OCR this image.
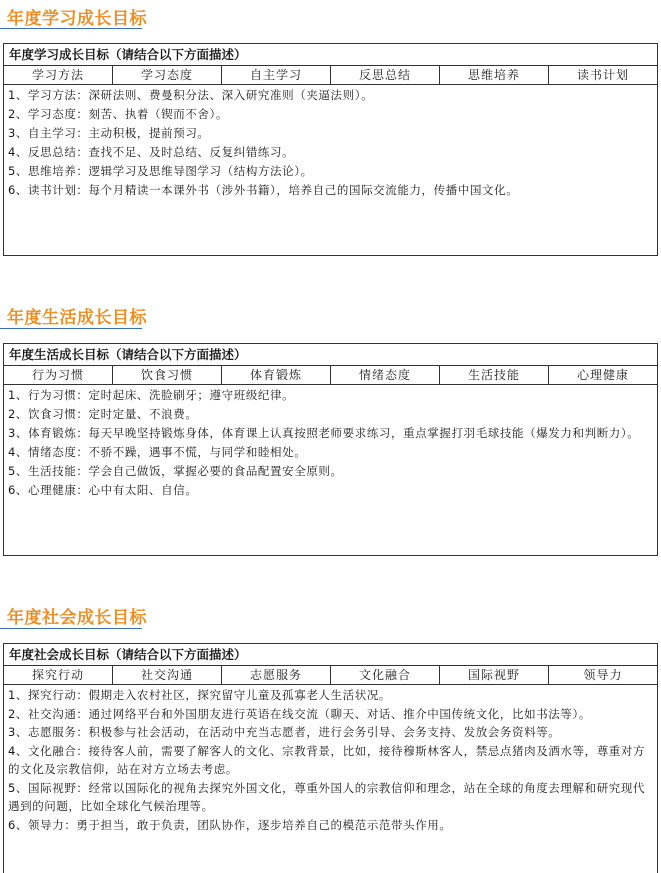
年度学习成长目标
年度学习成长目标（请结合以下方面描述）
学习方法	学习态度	自主学习	反思总结	思维培养	读书计划
1、学习方法：深研法则、费曼积分法、深入研究准则（夹逼法则）。
2、学习态度：刻苦、执着（锲而不舍）。
3、自主学习：主动积极，提前预习。
4、反思总结：查找不足、及时总结、反复纠错练习。
5、思维培养：逻辑学习及思维导图学习（结构方法论）。
6、读书计划：每个月精读一本课外书（涉外书籍），培养自己的国际交流能力，传播中国文化。
年度生活成长目标
年度生活成长目标（请结合以下方面描述）
行为习惯	饮食习惯	体育锻炼	情绪态度	生活技能	心理健康
1、行为习惯：定时起床、洗脸刷牙；遵守班级纪律。
2、饮食习惯：定时定量、不浪费。
3、体育锻炼：每天早晚坚持锻炼身体，体育课上认真按照老师要求练习，重点掌握打羽毛球技能（爆发力和判断力）。
4、情绪态度：不骄不躁，遇事不慌，与同学和睦相处。
5、生活技能：学会自己做饭，掌握必要的食品配置安全原则。
6、心理健康：心中有太阳、自信。
年度社会成长目标
年度社会成长目标（请结合以下方面描述）
探究行动	社交沟通	志愿服务	文化融合	国际视野	领导力
1、探究行动：假期走入农村社区，探究留守儿童及孤寡老人生活状况。
2、社交沟通：通过网络平台和外国朋友进行英语在线交流（聊天、对话、推介中国传统文化，比如书法等）。
3、志愿服务：积极参与社会活动，在活动中充当志愿者，进行会务引导、会务支持、发放会务资料等。
4、文化融合：接待客人前，需要了解客人的文化、宗教背景，比如，接待穆斯林客人，禁忌点猪肉及酒水等，尊重对方的文化及宗教信仰，站在对方立场去考虑。
5、国际视野：经常以国际化的视角去探究外国文化，尊重外国人的宗教信仰和理念，站在全球的角度去理解和研究现代遇到的问题，比如全球化气候治理等。
6、领导力：勇于担当，敢于负责，团队协作，逐步培养自己的模范示范带头作用。
